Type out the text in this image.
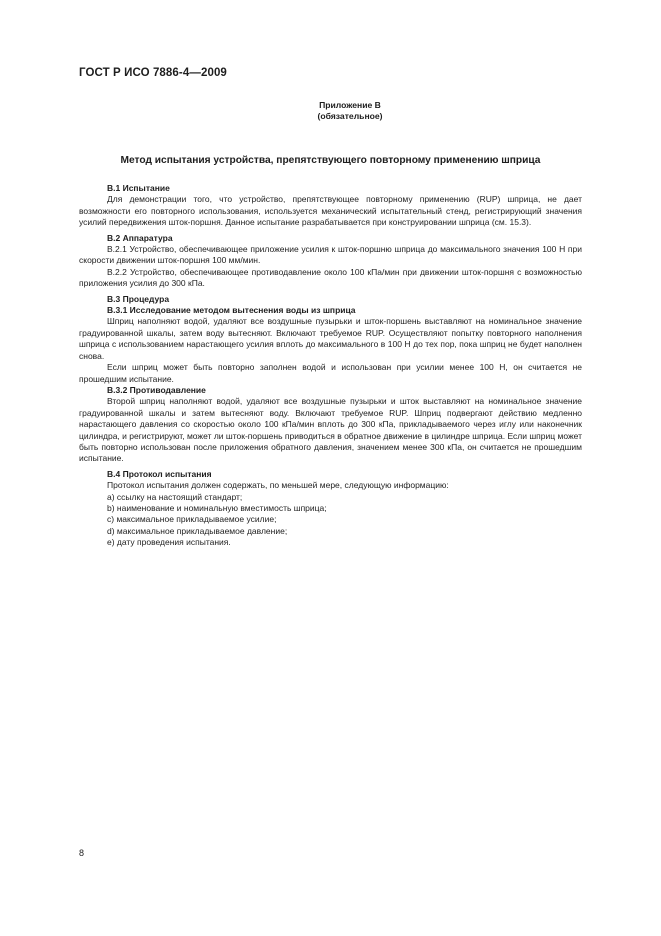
ГОСТ Р ИСО 7886-4—2009
Приложение В
(обязательное)
Метод испытания устройства, препятствующего повторному применению шприца

В.1 Испытание

Для демонстрации того, что устройство, препятствующее повторному применению (RUP) шприца, не дает возможности его повторного использования, используется механический испытательный стенд, регистрирующий значения усилий передвижения шток-поршня. Данное испытание разрабатывается при конструировании шприца (см. 15.3).

В.2 Аппаратура

В.2.1 Устройство, обеспечивающее приложение усилия к шток-поршню шприца до максимального значения 100 Н при скорости движении шток-поршня 100 мм/мин.

В.2.2 Устройство, обеспечивающее противодавление около 100 кПа/мин при движении шток-поршня с возможностью приложения усилия до 300 кПа.

В.3 Процедура

В.3.1 Исследование методом вытеснения воды из шприца

Шприц наполняют водой, удаляют все воздушные пузырьки и шток-поршень выставляют на номинальное значение градуированной шкалы, затем воду вытесняют. Включают требуемое RUP. Осуществляют попытку повторного наполнения шприца с использованием нарастающего усилия вплоть до максимального в 100 Н до тех пор, пока шприц не будет наполнен снова.

Если шприц может быть повторно заполнен водой и использован при усилии менее 100 Н, он считается не прошедшим испытание.

В.3.2 Противодавление

Второй шприц наполняют водой, удаляют все воздушные пузырьки и шток выставляют на номинальное значение градуированной шкалы и затем вытесняют воду. Включают требуемое RUP. Шприц подвергают действию медленно нарастающего давления со скоростью около 100 кПа/мин вплоть до 300 кПа, прикладываемого через иглу или наконечник цилиндра, и регистрируют, может ли шток-поршень приводиться в обратное движение в цилиндре шприца. Если шприц может быть повторно использован после приложения обратного давления, значением менее 300 кПа, он считается не прошедшим испытание.

В.4 Протокол испытания

Протокол испытания должен содержать, по меньшей мере, следующую информацию:

а) ссылку на настоящий стандарт;
b) наименование и номинальную вместимость шприца;
c) максимальное прикладываемое усилие;
d) максимальное прикладываемое давление;
e) дату проведения испытания.
8
